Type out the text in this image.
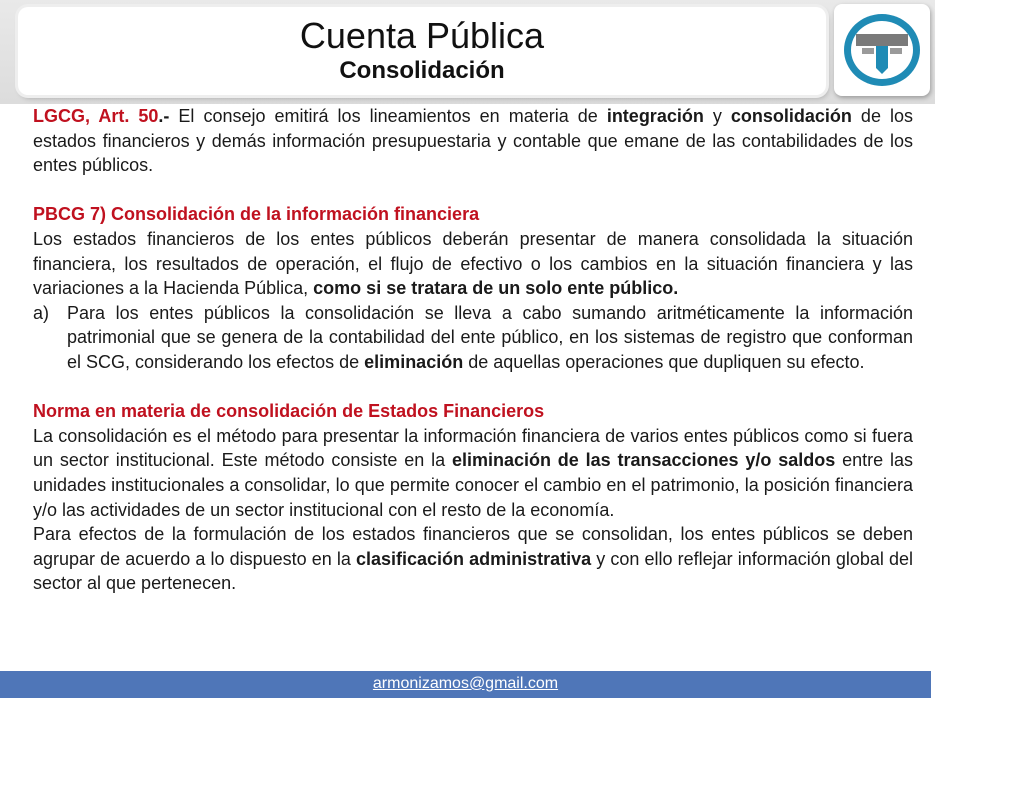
Cuenta Pública
Consolidación

LGCG, Art. 50.- El consejo emitirá los lineamientos en materia de integración y consolidación de los estados financieros y demás información presupuestaria y contable que emane de las contabilidades de los entes públicos.

PBCG 7) Consolidación de la información financiera

Los estados financieros de los entes públicos deberán presentar de manera consolidada la situación financiera, los resultados de operación, el flujo de efectivo o los cambios en la situación financiera y las variaciones a la Hacienda Pública, como si se tratara de un solo ente público.

a) Para los entes públicos la consolidación se lleva a cabo sumando aritméticamente la información patrimonial que se genera de la contabilidad del ente público, en los sistemas de registro que conforman el SCG, considerando los efectos de eliminación de aquellas operaciones que dupliquen su efecto.

Norma en materia de consolidación de Estados Financieros

La consolidación es el método para presentar la información financiera de varios entes públicos como si fuera un sector institucional. Este método consiste en la eliminación de las transacciones y/o saldos entre las unidades institucionales a consolidar, lo que permite conocer el cambio en el patrimonio, la posición financiera y/o las actividades de un sector institucional con el resto de la economía.

Para efectos de la formulación de los estados financieros que se consolidan, los entes públicos se deben agrupar de acuerdo a lo dispuesto en la clasificación administrativa y con ello reflejar información global del sector al que pertenecen.

armonizamos@gmail.com
